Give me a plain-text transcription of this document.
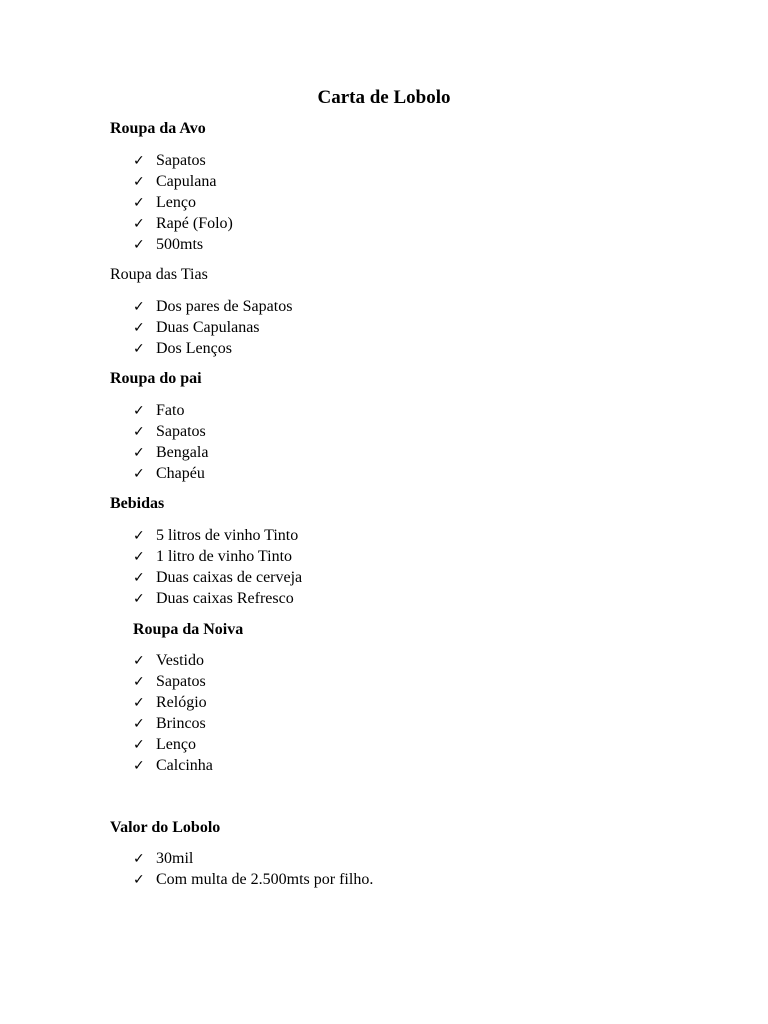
Carta de Lobolo
Roupa da Avo
✓ Sapatos
✓ Capulana
✓ Lenço
✓ Rapé (Folo)
✓ 500mts
Roupa das Tias
✓ Dos pares de Sapatos
✓ Duas Capulanas
✓ Dos Lenços
Roupa do pai
✓ Fato
✓ Sapatos
✓ Bengala
✓ Chapéu
Bebidas
✓ 5 litros de vinho Tinto
✓ 1 litro de vinho Tinto
✓ Duas caixas de cerveja
✓ Duas caixas Refresco
Roupa da Noiva
✓ Vestido
✓ Sapatos
✓ Relógio
✓ Brincos
✓ Lenço
✓ Calcinha
Valor do Lobolo
✓ 30mil
✓ Com multa de 2.500mts por filho.
